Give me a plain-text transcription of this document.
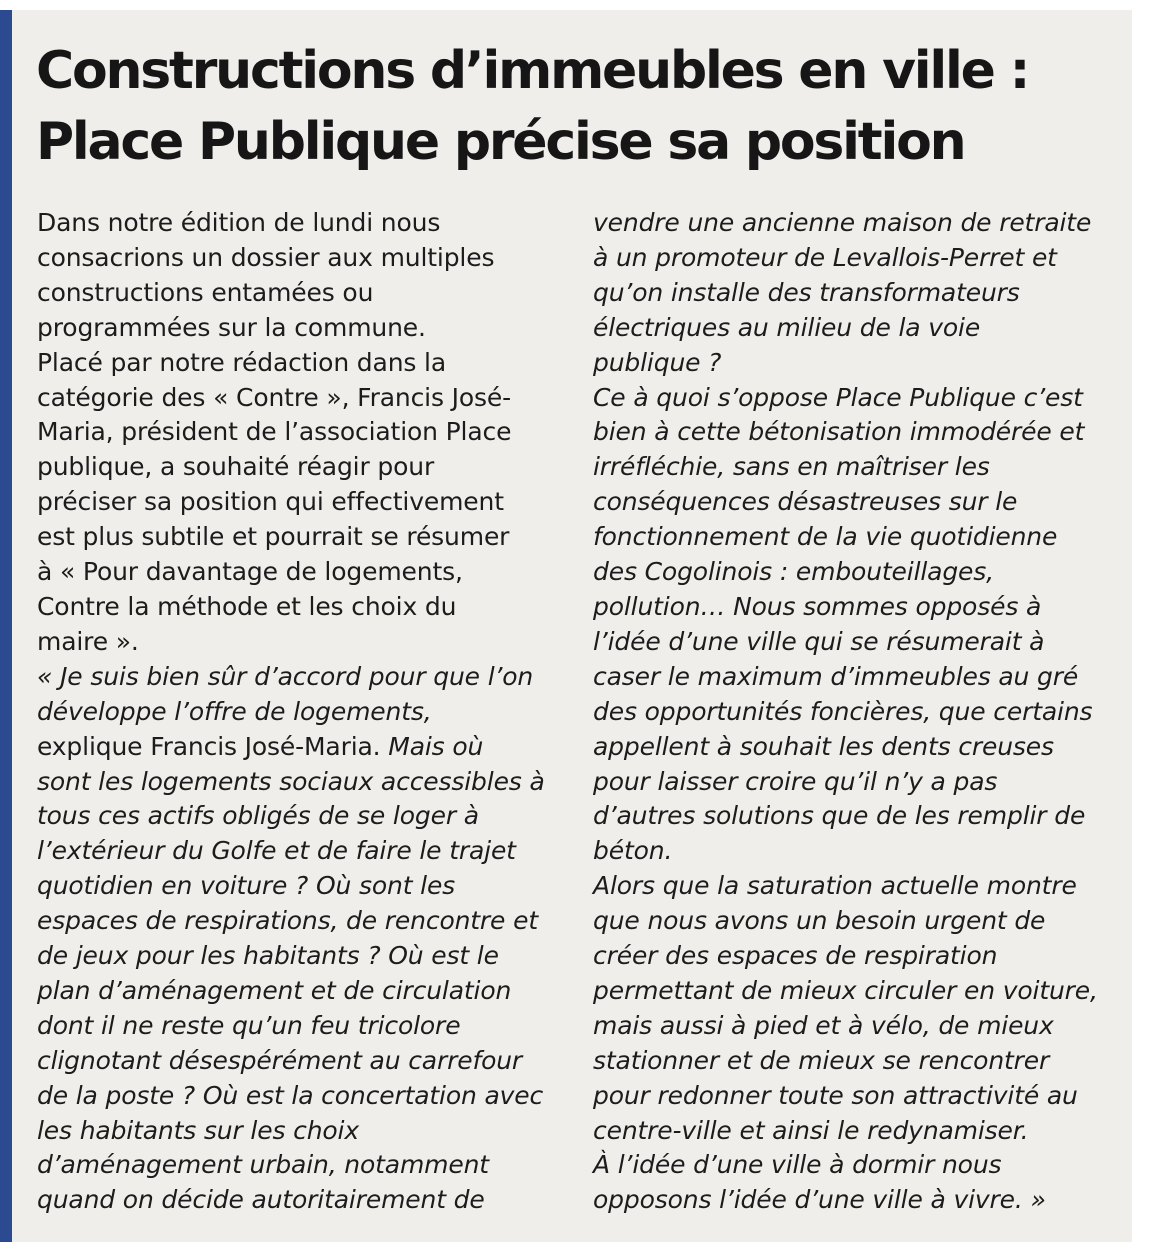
Constructions d’immeubles en ville :
Place Publique précise sa position
Dans notre édition de lundi nous
consacrions un dossier aux multiples
constructions entamées ou
programmées sur la commune.
Placé par notre rédaction dans la
catégorie des « Contre », Francis José-
Maria, président de l’association Place
publique, a souhaité réagir pour
préciser sa position qui effectivement
est plus subtile et pourrait se résumer
à « Pour davantage de logements,
Contre la méthode et les choix du
maire ».
« Je suis bien sûr d’accord pour que l’on
développe l’offre de logements,
explique Francis José-Maria. Mais où
sont les logements sociaux accessibles à
tous ces actifs obligés de se loger à
l’extérieur du Golfe et de faire le trajet
quotidien en voiture ? Où sont les
espaces de respirations, de rencontre et
de jeux pour les habitants ? Où est le
plan d’aménagement et de circulation
dont il ne reste qu’un feu tricolore
clignotant désespérément au carrefour
de la poste ? Où est la concertation avec
les habitants sur les choix
d’aménagement urbain, notamment
quand on décide autoritairement de
vendre une ancienne maison de retraite
à un promoteur de Levallois-Perret et
qu’on installe des transformateurs
électriques au milieu de la voie
publique ?
Ce à quoi s’oppose Place Publique c’est
bien à cette bétonisation immodérée et
irréfléchie, sans en maîtriser les
conséquences désastreuses sur le
fonctionnement de la vie quotidienne
des Cogolinois : embouteillages,
pollution… Nous sommes opposés à
l’idée d’une ville qui se résumerait à
caser le maximum d’immeubles au gré
des opportunités foncières, que certains
appellent à souhait les dents creuses
pour laisser croire qu’il n’y a pas
d’autres solutions que de les remplir de
béton.
Alors que la saturation actuelle montre
que nous avons un besoin urgent de
créer des espaces de respiration
permettant de mieux circuler en voiture,
mais aussi à pied et à vélo, de mieux
stationner et de mieux se rencontrer
pour redonner toute son attractivité au
centre-ville et ainsi le redynamiser.
À l’idée d’une ville à dormir nous
opposons l’idée d’une ville à vivre. »
